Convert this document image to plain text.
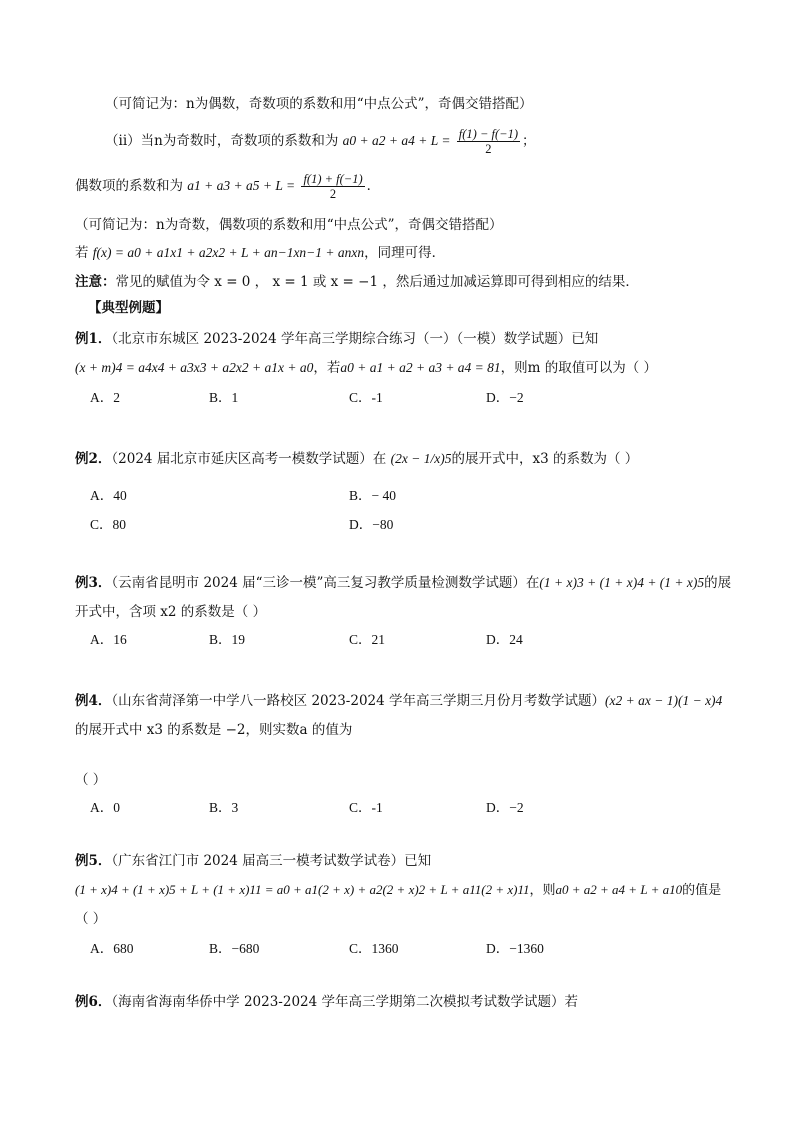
（可简记为：n为偶数，奇数项的系数和用“中点公式”，奇偶交错搭配）
（ii）当n为奇数时，奇数项的系数和为 $a0 + a2 + a4 + L = \frac{f(1) - f(-1)}{2}$ ；
偶数项的系数和为 $a1 + a3 + a5 + L = \frac{f(1) + f(-1)}{2}$ ．
（可简记为：n为奇数，偶数项的系数和用“中点公式”，奇偶交错搭配）
若 f(x) = a0 + a1x1 + a2x2 + L + an−1xn−1 + anxn，同理可得．
注意：常见的赋值为令 x = 0 ， x = 1 或 x = −1 ，然后通过加减运算即可得到相应的结果．
【典型例题】
例1．（北京市东城区 2023-2024 学年高三学期综合练习（一）（一模）数学试题）已知
(x + m)4 = a4x4 + a3x3 + a2x2 + a1x + a0，若a0 + a1 + a2 + a3 + a4 = 81，则m 的取值可以为（ ）
A．2	B．1	C．-1	D．−2
例2．（2024 届北京市延庆区高考一模数学试题）在 (2x − 1/x)5的展开式中，x3 的系数为（ ）
A．40	B．− 40
C．80	D．−80
例3．（云南省昆明市 2024 届“三诊一模”高三复习教学质量检测数学试题）在(1 + x)3 + (1 + x)4 + (1 + x)5的展
开式中，含项 x2 的系数是（ ）
A．16	B．19	C．21	D．24
例4．（山东省菏泽第一中学八一路校区 2023-2024 学年高三学期三月份月考数学试题）(x2 + ax − 1)(1 − x)4
的展开式中 x3 的系数是 −2，则实数a 的值为
（ ）
A．0	B．3	C．-1	D．−2
例5．（广东省江门市 2024 届高三一模考试数学试卷）已知
(1 + x)4 + (1 + x)5 + L + (1 + x)11 = a0 + a1(2 + x) + a2(2 + x)2 + L + a11(2 + x)11，则a0 + a2 + a4 + L + a10的值是
（ ）
A．680	B．−680	C．1360	D．−1360
例6．（海南省海南华侨中学 2023-2024 学年高三学期第二次模拟考试数学试题）若
